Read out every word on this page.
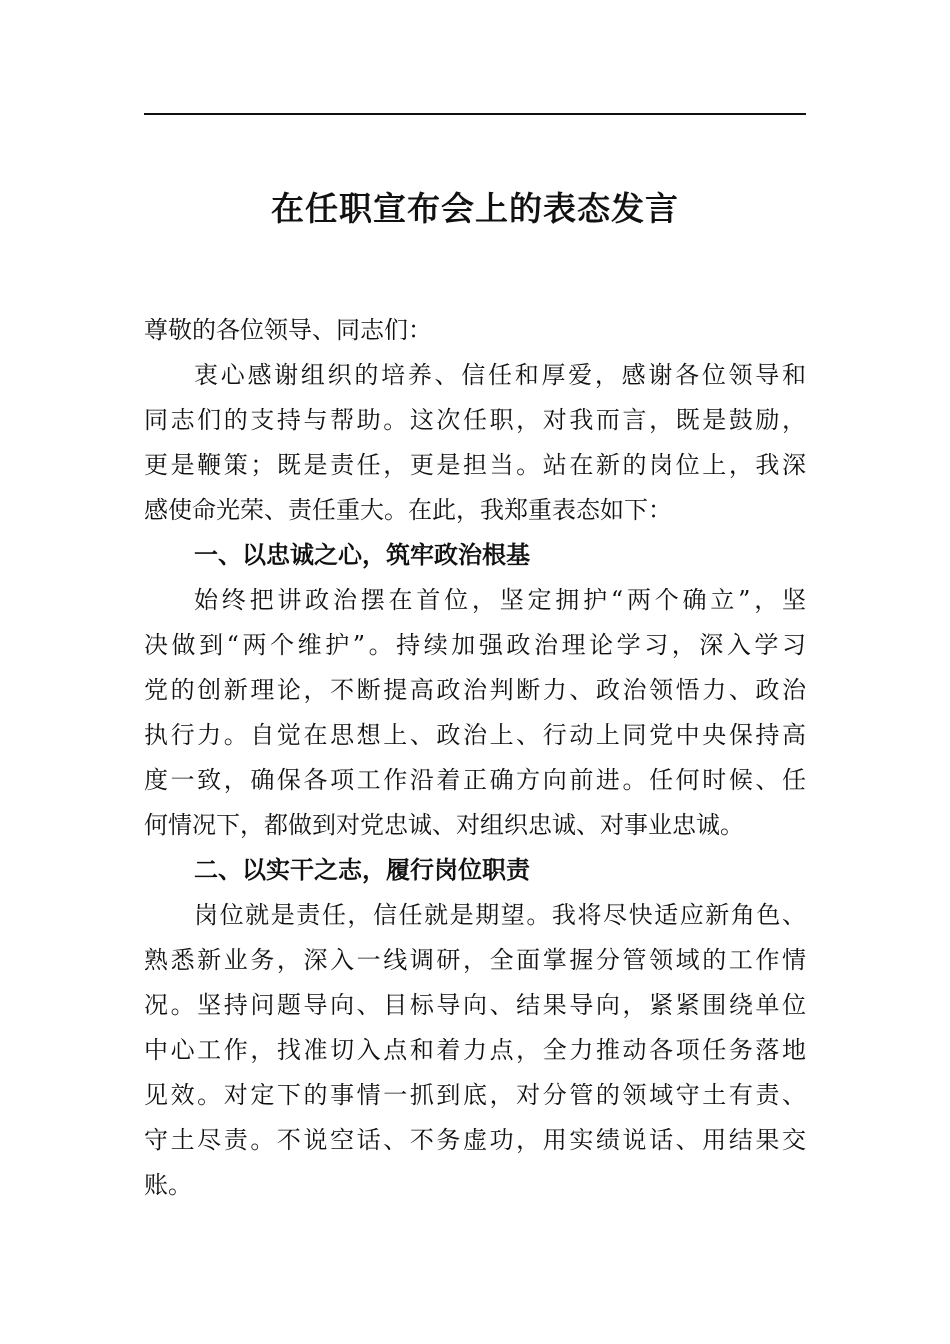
在任职宣布会上的表态发言
尊敬的各位领导、同志们：
衷心感谢组织的培养、信任和厚爱，感谢各位领导和
同志们的支持与帮助。这次任职，对我而言，既是鼓励，
更是鞭策；既是责任，更是担当。站在新的岗位上，我深
感使命光荣、责任重大。在此，我郑重表态如下：
一、以忠诚之心，筑牢政治根基
始终把讲政治摆在首位，坚定拥护“两个确立”，坚
决做到“两个维护”。持续加强政治理论学习，深入学习
党的创新理论，不断提高政治判断力、政治领悟力、政治
执行力。自觉在思想上、政治上、行动上同党中央保持高
度一致，确保各项工作沿着正确方向前进。任何时候、任
何情况下，都做到对党忠诚、对组织忠诚、对事业忠诚。
二、以实干之志，履行岗位职责
岗位就是责任，信任就是期望。我将尽快适应新角色、
熟悉新业务，深入一线调研，全面掌握分管领域的工作情
况。坚持问题导向、目标导向、结果导向，紧紧围绕单位
中心工作，找准切入点和着力点，全力推动各项任务落地
见效。对定下的事情一抓到底，对分管的领域守土有责、
守土尽责。不说空话、不务虚功，用实绩说话、用结果交
账。
